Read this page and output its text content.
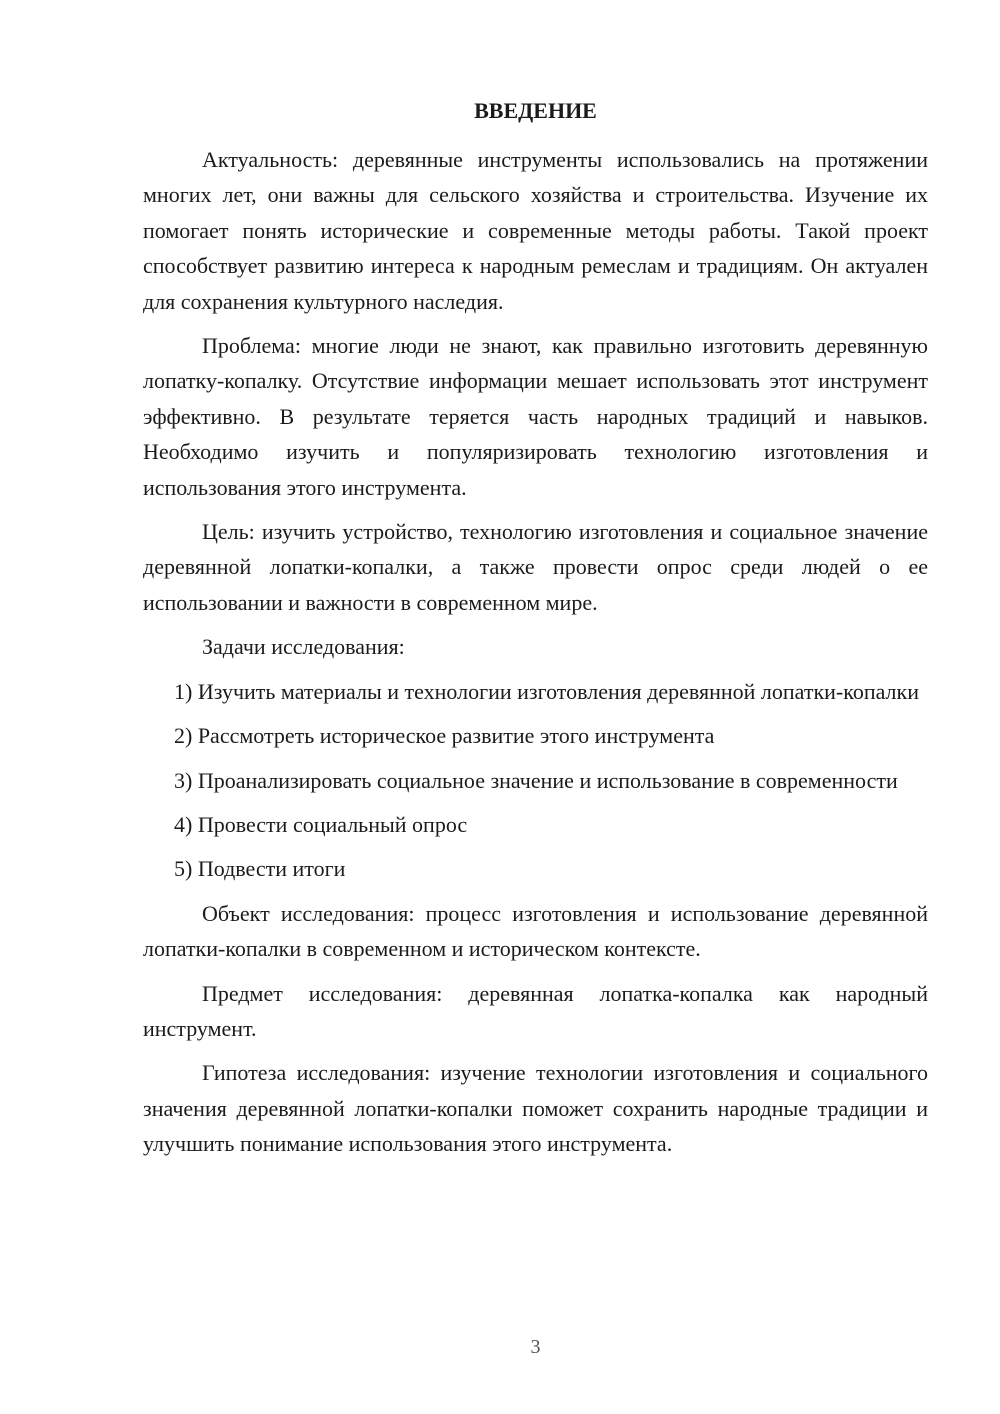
ВВЕДЕНИЕ

Актуальность: деревянные инструменты использовались на протяжении многих лет, они важны для сельского хозяйства и строительства. Изучение их помогает понять исторические и современные методы работы. Такой проект способствует развитию интереса к народным ремеслам и традициям. Он актуален для сохранения культурного наследия.

Проблема: многие люди не знают, как правильно изготовить деревянную лопатку-копалку. Отсутствие информации мешает использовать этот инструмент эффективно. В результате теряется часть народных традиций и навыков. Необходимо изучить и популяризировать технологию изготовления и использования этого инструмента.

Цель: изучить устройство, технологию изготовления и социальное значение деревянной лопатки-копалки, а также провести опрос среди людей о ее использовании и важности в современном мире.

Задачи исследования:

1) Изучить материалы и технологии изготовления деревянной лопатки-копалки

2) Рассмотреть историческое развитие этого инструмента

3) Проанализировать социальное значение и использование в современности

4) Провести социальный опрос

5) Подвести итоги

Объект исследования: процесс изготовления и использование деревянной лопатки-копалки в современном и историческом контексте.

Предмет исследования: деревянная лопатка-копалка как народный инструмент.

Гипотеза исследования: изучение технологии изготовления и социального значения деревянной лопатки-копалки поможет сохранить народные традиции и улучшить понимание использования этого инструмента.

3
